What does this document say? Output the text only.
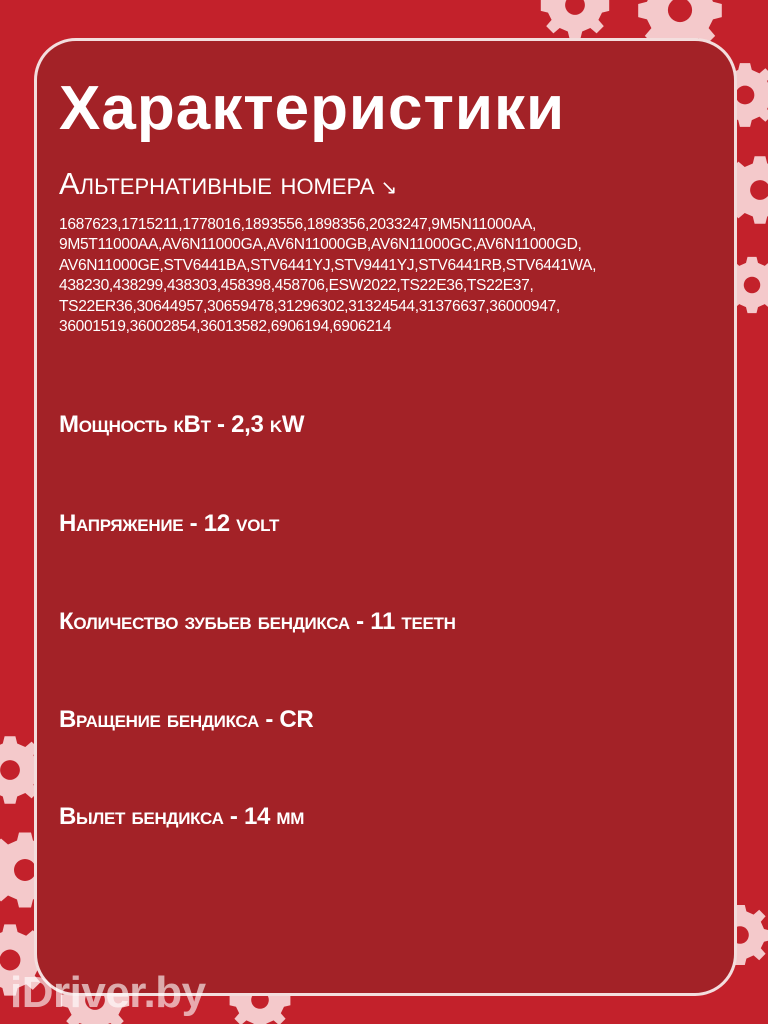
Характеристики
Альтернативные номера ↘
1687623,1715211,1778016,1893556,1898356,2033247,9M5N11000AA, 9M5T11000AA,AV6N11000GA,AV6N11000GB,AV6N11000GC,AV6N11000GD, AV6N11000GE,STV6441BA,STV6441YJ,STV9441YJ,STV6441RB,STV6441WA, 438230,438299,438303,458398,458706,ESW2022,TS22E36,TS22E37, TS22ER36,30644957,30659478,31296302,31324544,31376637,36000947, 36001519,36002854,36013582,6906194,6906214
Мощность кВт - 2,3 kW
Напряжение - 12 volt
Количество зубьев бендикса - 11 teeth
Вращение бендикса - CR
Вылет бендикса - 14 мм
iDriver.by
